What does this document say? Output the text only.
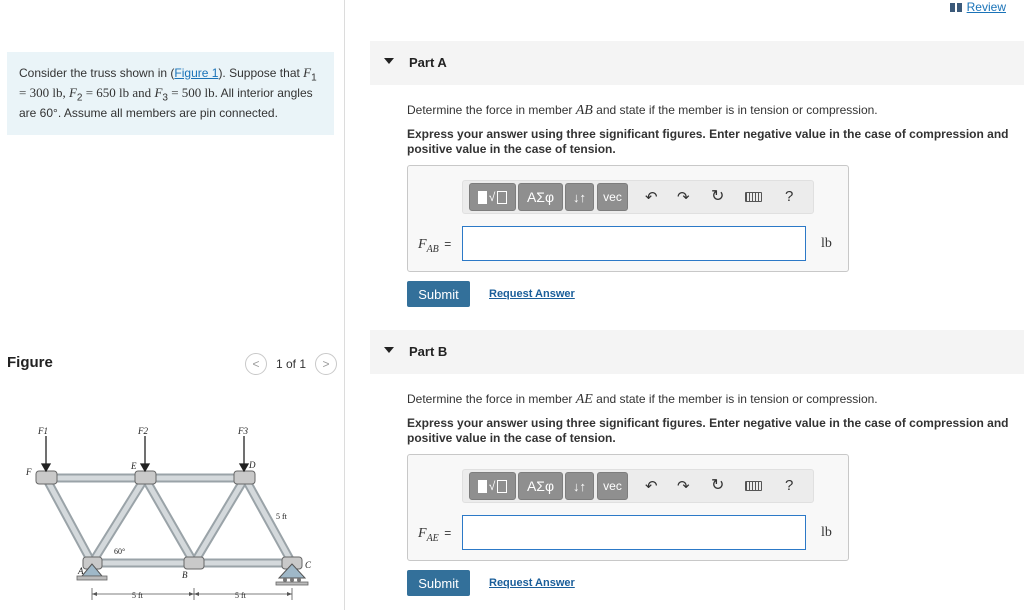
Consider the truss shown in (Figure 1). Suppose that $F_1 = 300$ lb, $F_2 = 650$ lb and $F_3 = 500$ lb. All interior angles are 60°. Assume all members are pin connected.
Figure	<	1 of 1	>
F1	F2	F3
F
E	D
A	B
C
60°
5 ft
5 ft	5 ft
Review
Part A
Determine the force in member AB and state if the member is in tension or compression.
Express your answer using three significant figures. Enter negative value in the case of compression and positive value in the case of tension.
√	ΑΣφ	↓↑	vec	↶ ↷ ↻	?
$F_{AB}$ =	lb
Submit	Request Answer
Part B
Determine the force in member AE and state if the member is in tension or compression.
Express your answer using three significant figures. Enter negative value in the case of compression and positive value in the case of tension.
√	ΑΣφ	↓↑	vec	↶ ↷ ↻	?
$F_{AE}$ =	lb
Submit	Request Answer
